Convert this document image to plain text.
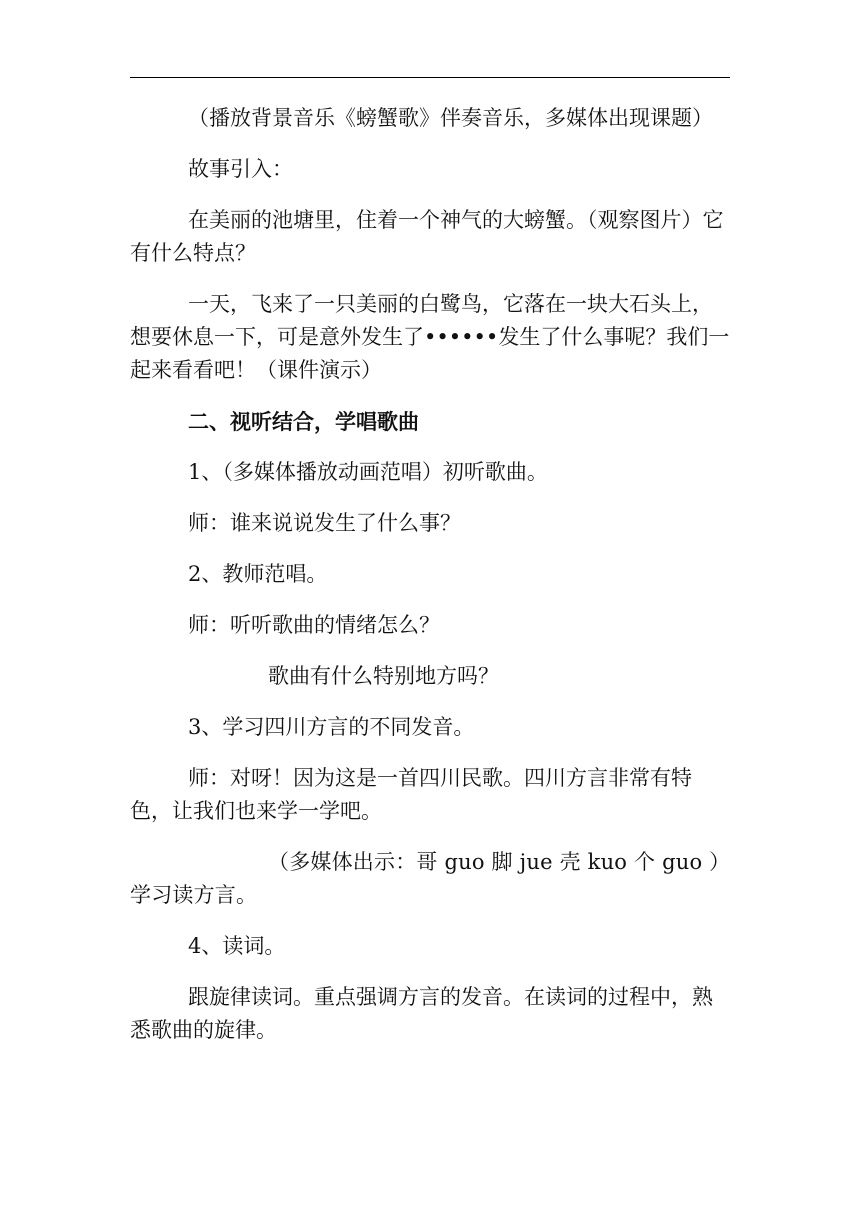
（播放背景音乐《螃蟹歌》伴奏音乐，多媒体出现课题）

故事引入：

在美丽的池塘里，住着一个神气的大螃蟹。（观察图片）它有什么特点？

一天，飞来了一只美丽的白鹭鸟，它落在一块大石头上，想要休息一下，可是意外发生了••••••发生了什么事呢？我们一起来看看吧！（课件演示）

二、视听结合，学唱歌曲

1、（多媒体播放动画范唱）初听歌曲。

师：谁来说说发生了什么事？

2、教师范唱。

师：听听歌曲的情绪怎么？

歌曲有什么特别地方吗？

3、学习四川方言的不同发音。

师：对呀！因为这是一首四川民歌。四川方言非常有特色，让我们也来学一学吧。

（多媒体出示：哥 guo 脚 jue 壳 kuo 个 guo ）学习读方言。

4、读词。

跟旋律读词。重点强调方言的发音。在读词的过程中，熟悉歌曲的旋律。
